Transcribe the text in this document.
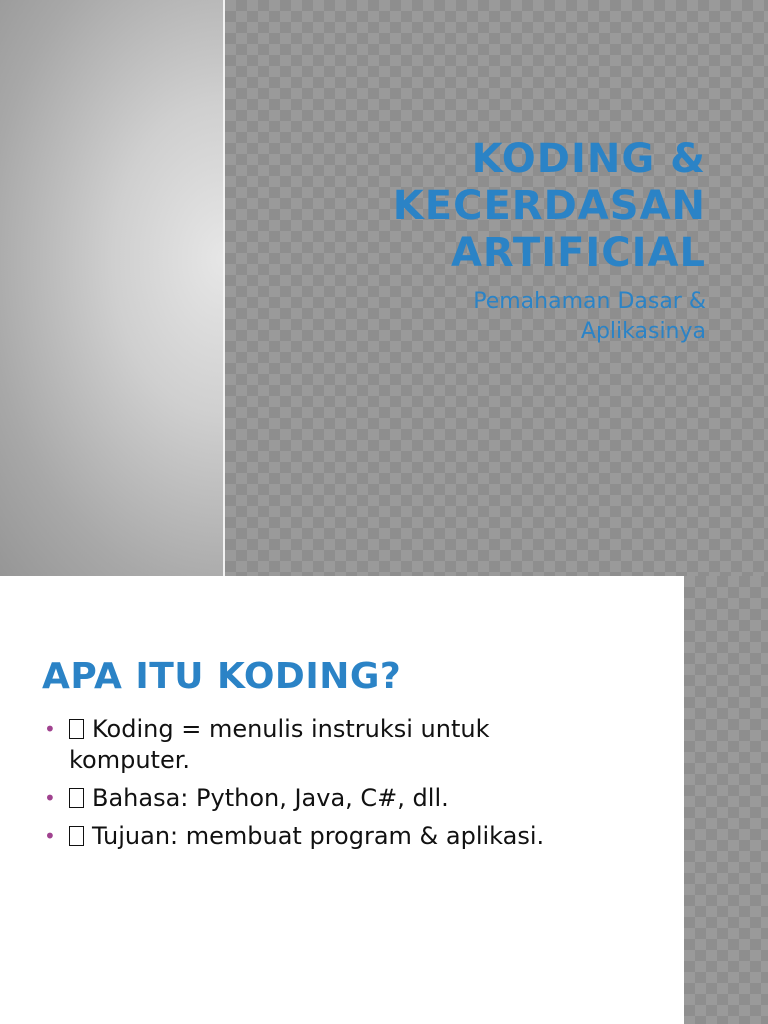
KODING &
KECERDASAN
ARTIFICIAL

Pemahaman Dasar &
Aplikasinya

APA ITU KODING?
• Koding = menulis instruksi untuk komputer.
• Bahasa: Python, Java, C#, dll.
• Tujuan: membuat program & aplikasi.
